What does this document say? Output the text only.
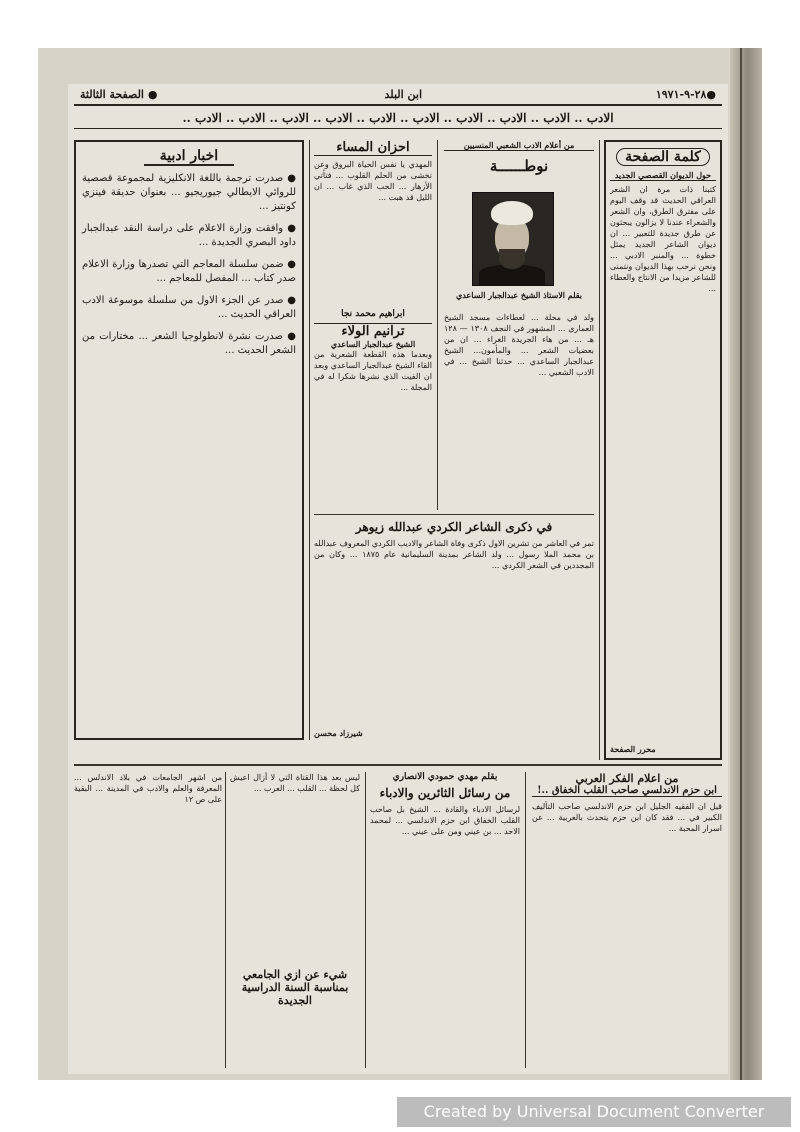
●٢٨-٩-١٩٧١
ابن البلد
● الصفحة الثالثة
الادب .. الادب .. الادب .. الادب .. الادب .. الادب .. الادب .. الادب .. الادب .. الادب ..
كلمة الصفحة
حول الديوان القصصي الجديد

كتبنا ذات مرة ان الشعر العراقي الحديث قد وقف اليوم على مفترق الطرق، وان الشعر والشعراء عندنا لا يزالون يبحثون عن طرق جديدة للتعبير ... ان ديوان الشاعر الجديد يمثل خطوة ... والمنبر الادبي ... ونحن نرحب بهذا الديوان ونتمنى للشاعر مزيدا من الانتاج والعطاء ...

محرر الصفحة
من أعلام الادب الشعبي المنسيين
نوطــــــة
بقلم الاستاذ الشيخ عبدالجبار الساعدي

ولد في محلة ... لعطاءات مسجد الشيخ العماري ... المشهور في النجف ١٣٠٨ — ١٢٨ هـ ... من هاء الجريدة الغراء ... ان من بعضيات الشعر ... والمأمون... الشيخ عبدالجبار الساعدي ... حدثنا الشيخ ... في الادب الشعبي ...

احزان المساء

المهدي يا نفس الحياة البروق وعن تخشى من الحلم القلوب ... فتأتي الأزهار ... الحب الذي غاب ... ان الليل قد هبت ...

ابراهيم محمد نجا
ترانيم الولاء
الشيخ عبدالجبار الساعدي

وبعدما هذه القطعة الشعرية من القاء الشيخ عبدالجبار الساعدي وبعد ان الفيت الذي نشرها شكرا له في المجلة ...

اخبار ادبية

● صدرت ترجمة باللغة الانكليزية لمجموعة قصصية للروائي الايطالي جيوريجيو ... بعنوان حديقة فينزي كونتيز ...

● وافقت وزارة الاعلام على دراسة النقد عبدالجبار داود البصري الجديدة ...

● ضمن سلسلة المعاجم التي تصدرها وزارة الاعلام صدر كتاب ... المفصل للمعاجم ...

● صدر عن الجزء الاول من سلسلة موسوعة الادب العراقي الحديث ...

● صدرت نشرة لانطولوجيا الشعر ... مختارات من الشعر الحديث ...

في ذكرى الشاعر الكردي عبدالله زيوهر

تمر في العاشر من تشرين الاول ذكرى وفاة الشاعر والاديب الكردي المعروف عبدالله بن محمد الملا رسول ... ولد الشاعر بمدينة السليمانية عام ١٨٧٥ ... وكان من المجددين في الشعر الكردي ...

شيرزاد محسن
من اعلام الفكر العربي
ابن حزم الاندلسي صاحب القلب الخفاق ..!

قيل ان الفقيه الجليل ابن حزم الاندلسي صاحب التأليف الكبير في ... فقد كان ابن حزم يتحدث بالعربية ... عن اسرار المحبة ...

بقلم مهدي حمودي الانصاري
من رسائل الثائرين والادباء

لرسائل الادباء والقادة ... الشيخ بل صاحب القلب الخفاق ابن حزم الاندلسي ... لمحمد الاحد ... بن عيني ومن على عيني ...

ليس بعد هذا القتاة التي لا أزال اعيش كل لحظة ... القلب ... العرب ...

شيء عن ازي الجامعي بمناسبة السنة الدراسية الجديدة

من اشهر الجامعات في بلاد الاندلس ... المعرفة والعلم والادب في المدينة ... البقية على ص ١٢

Created by Universal Document Converter
